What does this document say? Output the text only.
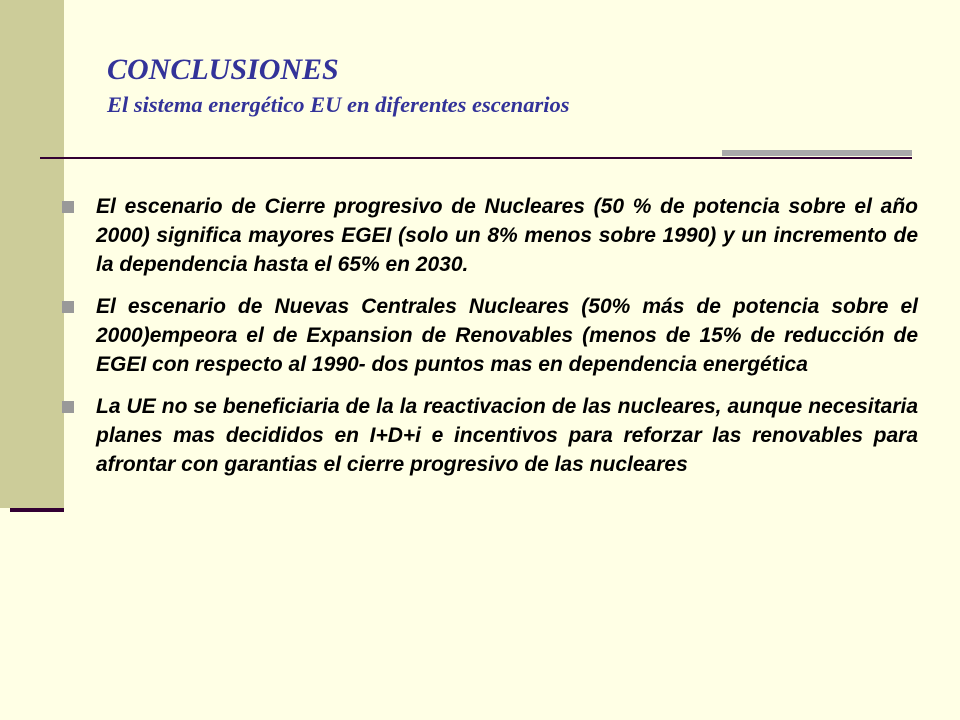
CONCLUSIONES
El sistema energético EU en diferentes escenarios
El escenario de Cierre progresivo de Nucleares (50 % de potencia sobre el año 2000) significa mayores EGEI (solo un 8% menos sobre 1990) y un incremento de la dependencia hasta el 65% en 2030.
El escenario de Nuevas Centrales Nucleares (50% más de potencia sobre el 2000)empeora el de Expansion de Renovables (menos de 15% de reducción de EGEI con respecto al 1990- dos puntos mas en dependencia energética
La UE no se beneficiaria de la la reactivacion de las nucleares, aunque necesitaria planes mas decididos en I+D+i e incentivos para reforzar las renovables para afrontar con garantias el cierre progresivo de las nucleares
